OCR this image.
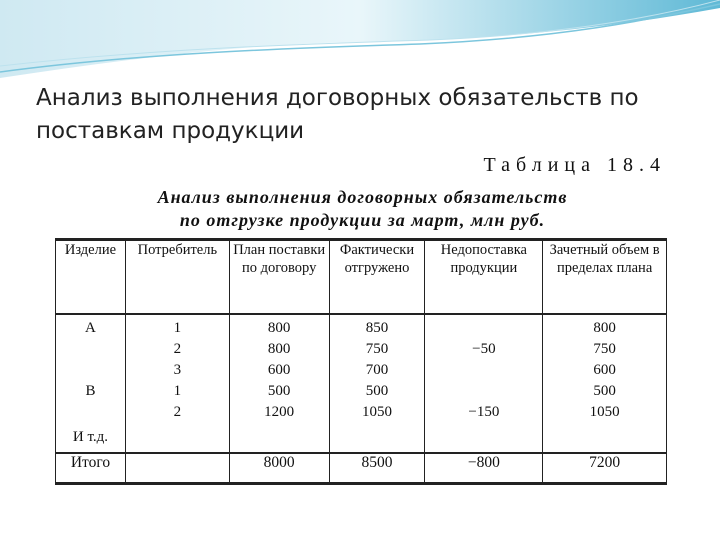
Анализ выполнения договорных обязательств по поставкам продукции
Таблица 18.4
Анализ выполнения договорных обязательств
по отгрузке продукции за март, млн руб.
Изделие	Потребитель	План поставки по договору	Фактически отгружено	Недопоставка продукции	Зачетный объем в пределах плана

А	1	800	850		800
	2	800	750	−50	750
	3	600	700		600
В	1	500	500		500
	2	1200	1050	−150	1050
И т.д.					
Итого		8000	8500	−800	7200
